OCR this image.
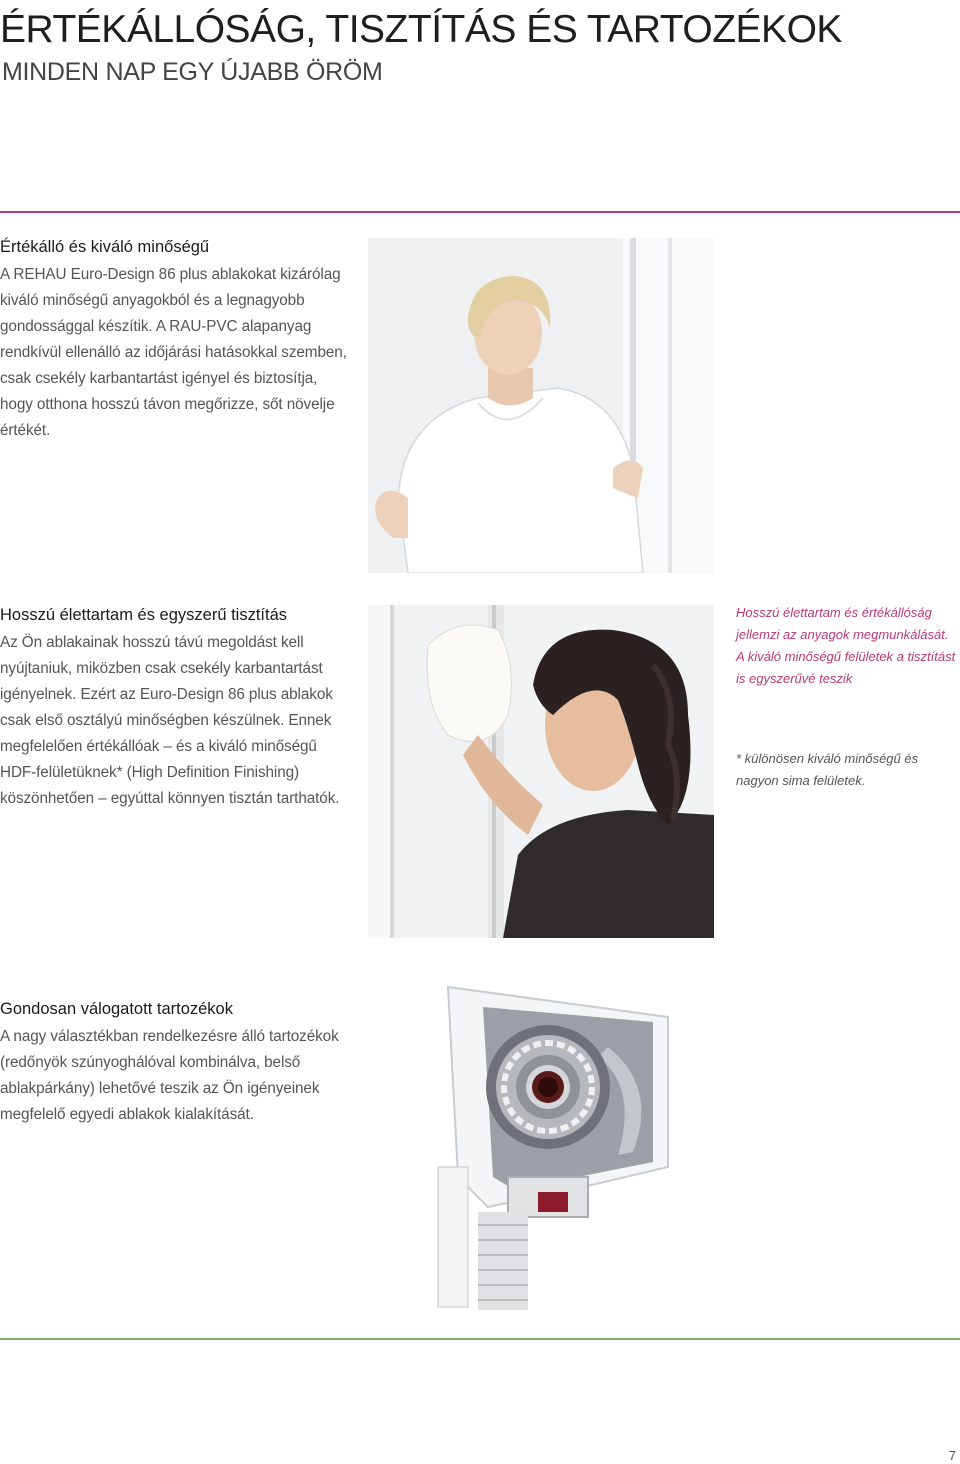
ÉRTÉKÁLLÓSÁG, TISZTÍTÁS ÉS TARTOZÉKOK
MINDEN NAP EGY ÚJABB ÖRÖM
Értékálló és kiváló minőségű

A REHAU Euro-Design 86 plus ablakokat kizárólag kiváló minőségű anyagokból és a legnagyobb gondossággal készítik. A RAU-PVC alapanyag rendkívül ellenálló az időjárási hatásokkal szemben, csak csekély karbantartást igényel és biztosítja, hogy otthona hosszú távon megőrizze, sőt növelje értékét.

Hosszú élettartam és egyszerű tisztítás

Az Ön ablakainak hosszú távú megoldást kell nyújtaniuk, miközben csak csekély karbantartást igényelnek. Ezért az Euro-Design 86 plus ablakok csak első osztályú minőségben készülnek. Ennek megfelelően értékállóak – és a kiváló minőségű HDF-felületüknek* (High Definition Finishing) köszönhetően – egyúttal könnyen tisztán tarthatók.

Hosszú élettartam és értékállóság jellemzi az anyagok megmunkálását. A kiváló minőségű felületek a tisztítást is egyszerűvé teszik

* különösen kiváló minőségű és nagyon sima felületek.

Gondosan válogatott tartozékok

A nagy választékban rendelkezésre álló tartozékok (redőnyök szúnyoghálóval kombinálva, belső ablakpárkány) lehetővé teszik az Ön igényeinek megfelelő egyedi ablakok kialakítását.

7
